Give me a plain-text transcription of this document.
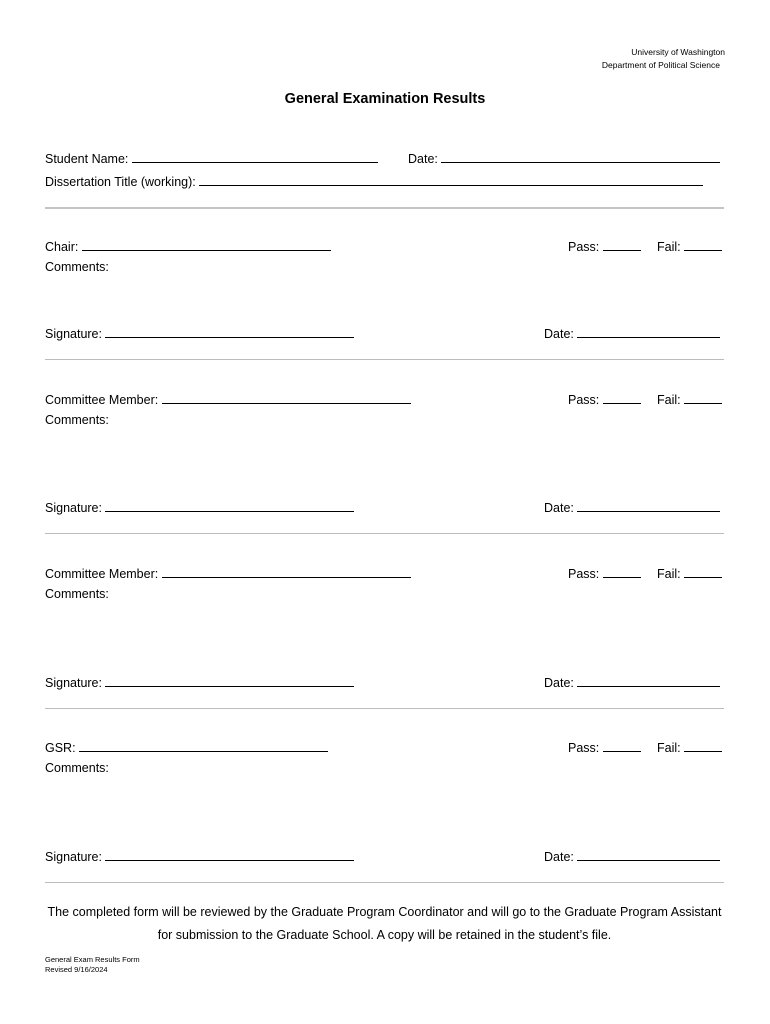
University of Washington
Department of Political Science
General Examination Results
Student Name:	Date:
Dissertation Title (working):
Chair:	Pass:	Fail:
Comments:
Signature:	Date:
Committee Member:	Pass:	Fail:
Comments:
Signature:	Date:
Committee Member:	Pass:	Fail:
Comments:
Signature:	Date:
GSR:	Pass:	Fail:
Comments:
Signature:	Date:
The completed form will be reviewed by the Graduate Program Coordinator and will go to the Graduate Program Assistant for submission to the Graduate School. A copy will be retained in the student’s file.
General Exam Results Form
Revised 9/16/2024
